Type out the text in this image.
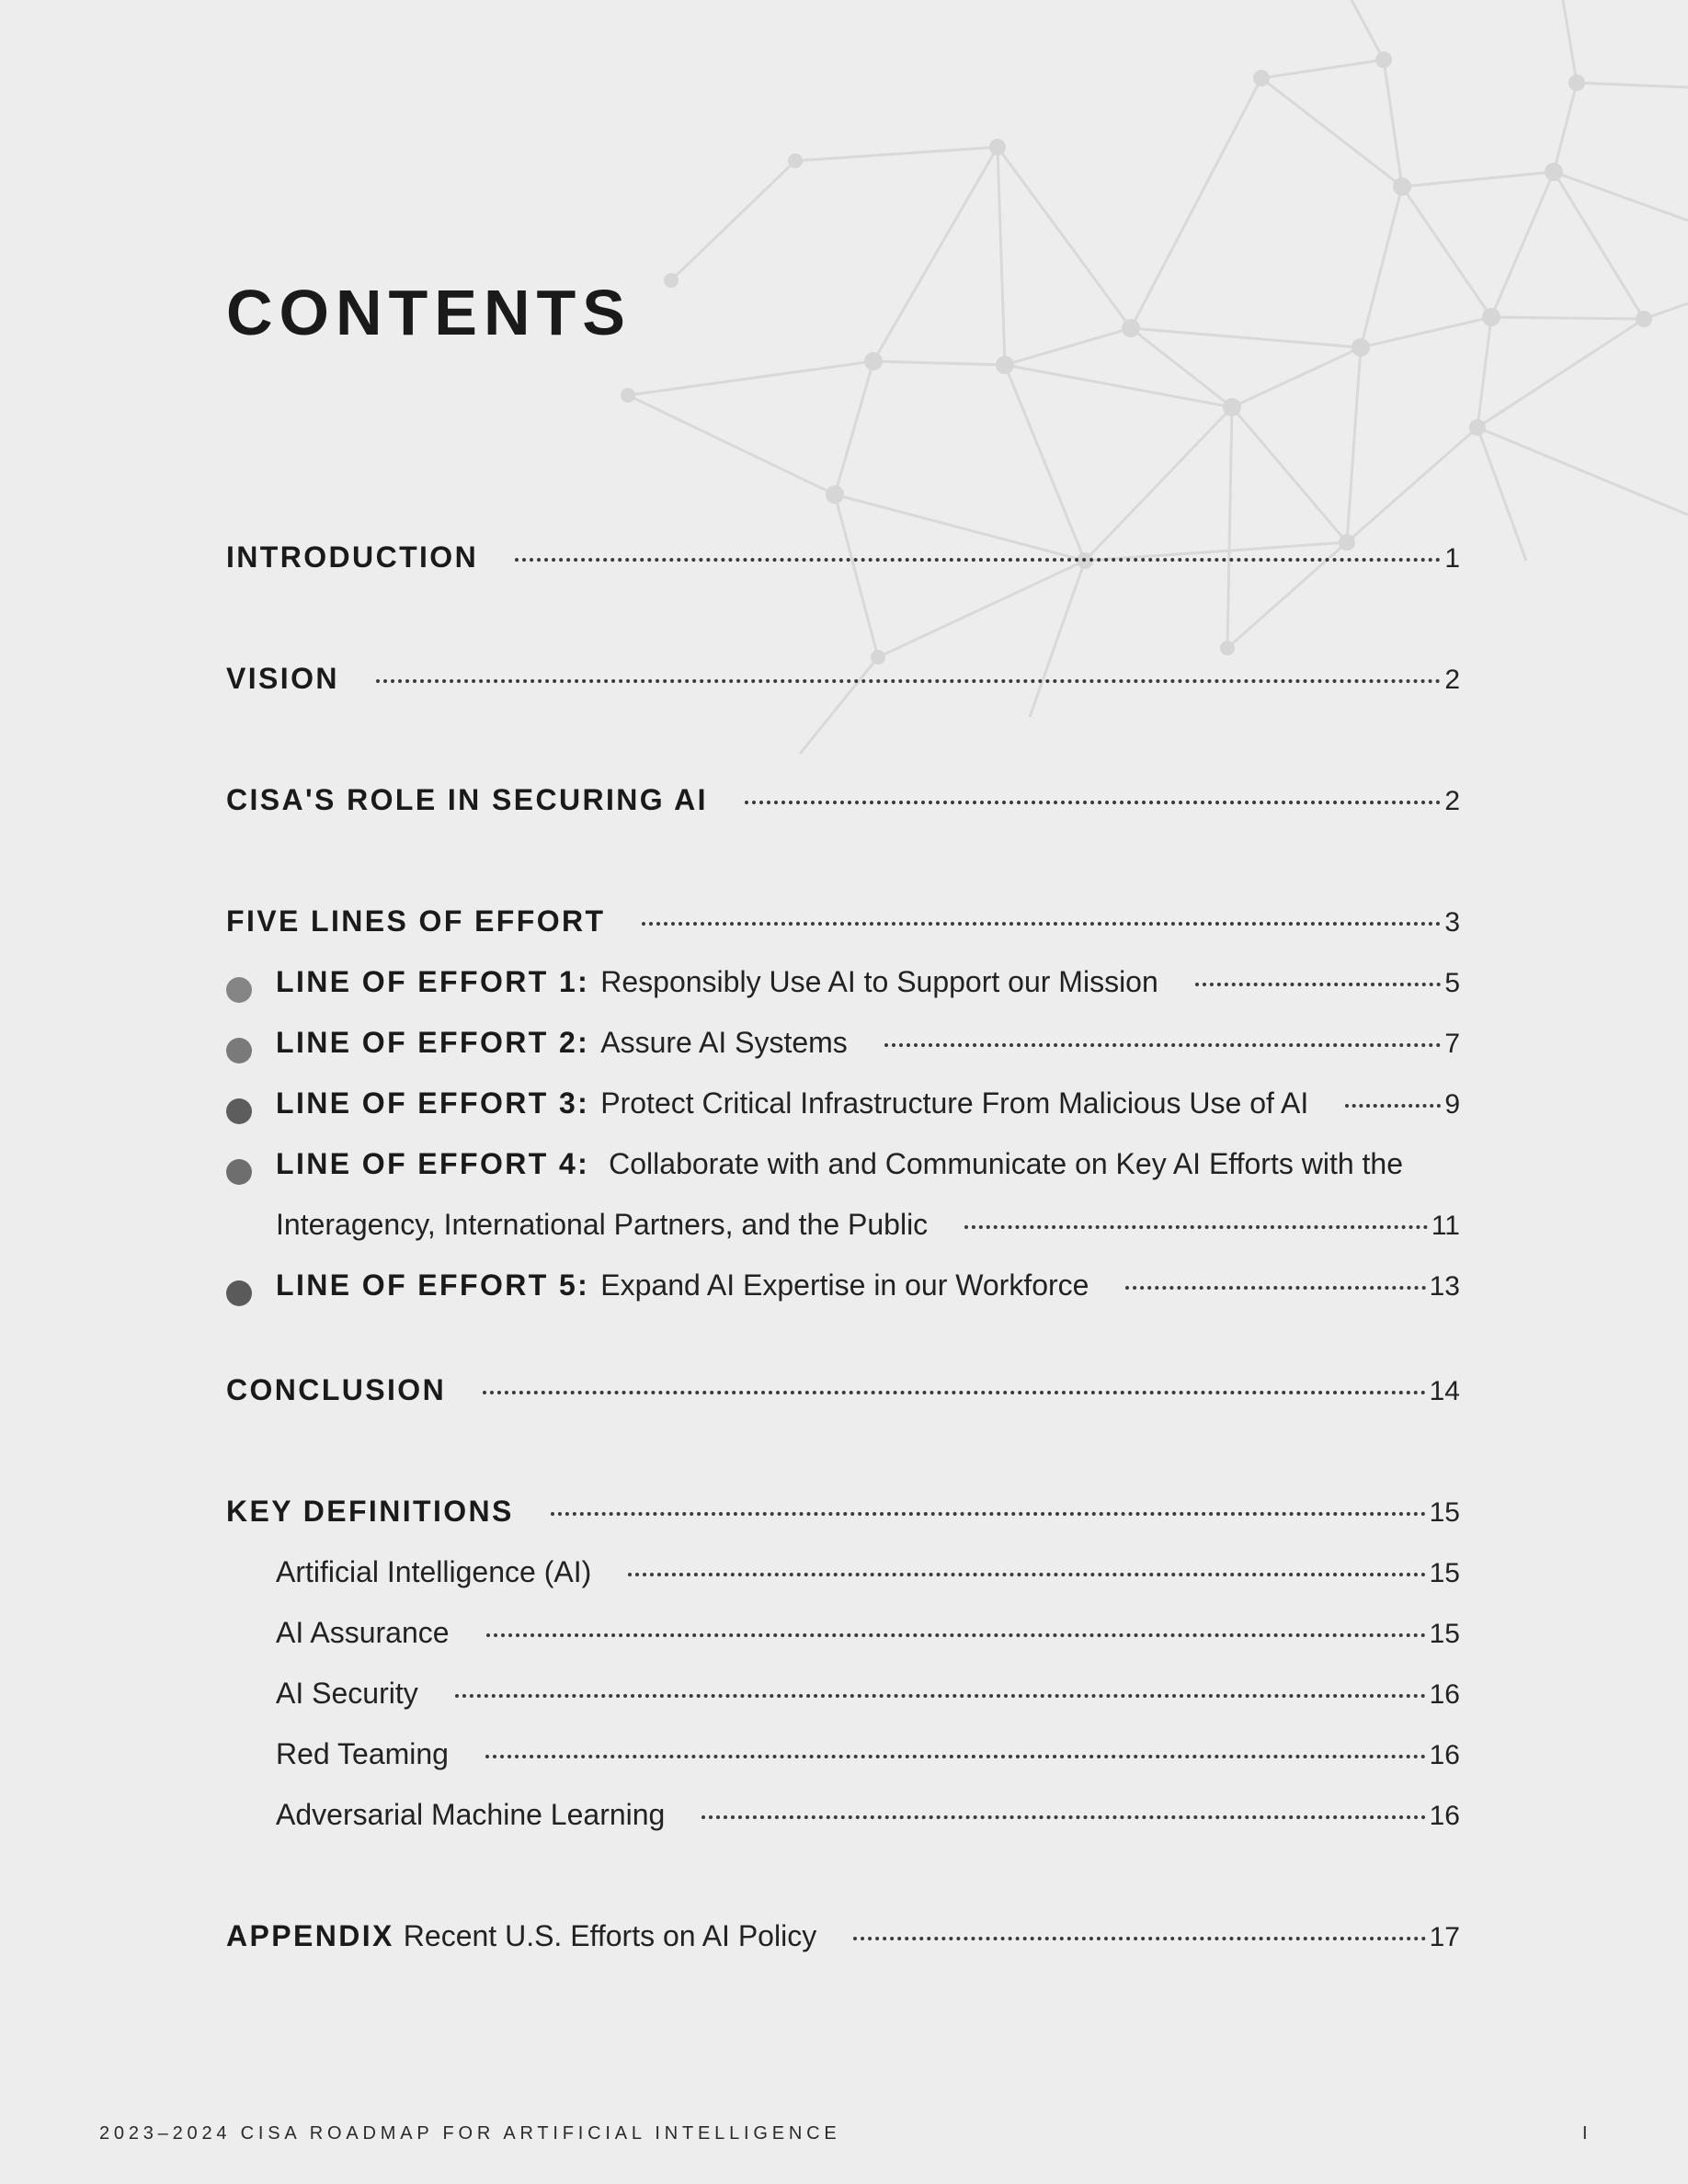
CONTENTS
INTRODUCTION	1
VISION	2
CISA'S ROLE IN SECURING AI	2
FIVE LINES OF EFFORT	3
LINE OF EFFORT 1: Responsibly Use AI to Support our Mission	5
LINE OF EFFORT 2: Assure AI Systems	7
LINE OF EFFORT 3: Protect Critical Infrastructure From Malicious Use of AI	9
LINE OF EFFORT 4: Collaborate with and Communicate on Key AI Efforts with the
Interagency, International Partners, and the Public	11
LINE OF EFFORT 5: Expand AI Expertise in our Workforce	13
CONCLUSION	14
KEY DEFINITIONS	15
Artificial Intelligence (AI)	15
AI Assurance	15
AI Security	16
Red Teaming	16
Adversarial Machine Learning	16
APPENDIX Recent U.S. Efforts on AI Policy	17
2023–2024 CISA ROADMAP FOR ARTIFICIAL INTELLIGENCE	I
